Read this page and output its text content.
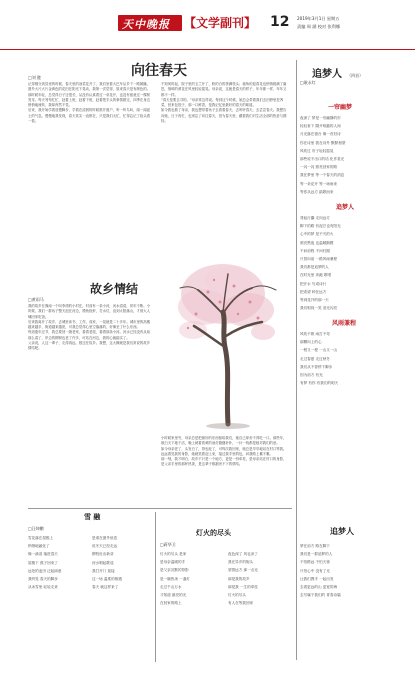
天中晚报 【文学副刊】 12 2019年3月1日 星期五
责编 周 涵 校对 张利娜
向往春天
□刘 懿
记得刚分到县里的时候，春天里的油菜花开了，我们坐着大巴车从乡下一路颠簸，窗外大片大片金黄色的花田在阳光下晃动，我第一次觉得，原来春天是有颜色的。
那时候年轻，总觉得日子还很长，从没有认真看过一朵花开，也没有留意过一棵树发芽。每天匆匆忙忙，赶着上班，赶着下班，赶着把手头的事情做完，四季在身边悄悄地流转，我却浑然不觉。
后来，我开始学着放慢脚步，学着在清晨的时候推开窗户，听一听鸟叫，闻一闻泥土的气息。慢慢地我发现，春天其实一直都在，只是我们太忙，忙得忘记了抬头看一看。
不知何时起，院子里的玉兰开了，粉的白的挤满枝头；墙角的迎春花也悄悄爬满了篱笆，细碎的黄花在风里轻轻摇晃。母亲说，这就是春天的样子，年年都一样，年年又都不一样。
“春天是要去寻的。”母亲常这样说。每到这个时候，她总会带着我们去田野里挖荠菜，回来包饺子，那一口鲜香，是我记忆里最好的春天的味道。
如今我也做了母亲，我也想带着孩子去看看春天，去听听春天，去尝尝春天。我想告诉她，日子再忙，也别忘了向往春天，因为春天里，藏着我们对生活全部的热爱与期待。
故乡情结
□黄雨马
我的故乡在豫南一个叫李湾的小村庄，村前有一条小河，河水清清，常年不断。小时候，我们一群孩子整天泡在河边，摸鱼捉虾，打水仗，直到太阳落山，才被大人喊回家吃饭。
后来我离开了故乡，去城里读书、工作、成家，一晃就是二十多年。城市里的高楼越来越多，街道越来越宽，可我总觉得心里空落落的，好像丢了什么东西。
每到逢年过节，我总要回一趟老家，看看老屋，看看那条小河。河水已经没有从前那么清了，岸边的柳树也老了许多，可站在河边，我的心就踏实了。
父亲说，人这一辈子，走得再远，根还在故乡。我想，这大概就是我们常说的故乡情结吧。
小时候家里穷，母亲总是把最好的东西留给我们，她自己却舍不得吃一口。那些年，她白天下地干活，晚上就着昏黄的油灯缝缝补补，一针一线都是她对我们的爱。
如今母亲老了，头发白了，背也驼了，可每次我回家，她总是早早地站在村口等我。远远看见我的身影，她就笑着迎上来，接过我手里的包，问我路上累不累。
那一刻，我才明白，故乡不只是一个地方，更是一份牵挂，是母亲站在村口的身影，是父亲手里的那杯热茶，是这辈子都割舍不下的情结。
追梦人 （四首）
□耿永红
一帘幽梦
夜深了 梦是一帘幽静的帘
轻轻垂下 隔开喧嚣的人间
月光落在窗台 像一首旧诗
你在诗里 我在诗外 默默相望
风吹过 帘子轻轻摇晃
那些说不出口的话 化作星光
一闪一闪 照亮回家的路
我在梦里 等一个春天的消息
等一朵花开 等一场雨来
等你从远方 踏歌而来
追梦人
背起行囊 走向远方
脚下的路 有泥泞也有阳光
心中的梦 是不灭的火
照亮黑夜 也温暖胸膛
不问前程 不问归期
只管向前 一路风雨兼程
我们都是追梦的人
在时光里 奔跑 歌唱
把汗水 写成诗行
把希望 种在远方
等到花开的那一天
我们相视一笑 泪光闪亮
风雨兼程
风吹不散 雨打不弯
那颗向上的心
一程又一程 一山又一山
走过春夏 走过秋冬
我们从不曾停下脚步
因为前方 有光
有梦 有你 有我们的明天
追梦人
梦在前方 路在脚下
我们是一群追梦的人
不怕路远 不怕天寒
只怕心中 没有了光
让我们携手 一起出发
去看更远的山 更宽的海
去写属于我们的 青春诗篇
雪 融
□汪坤鹏
雪花落在屋檐上
悄悄地融化了
像一滴泪 落进春天
屋檐下 燕子回来了
远处的麦田 泛起绿意
我听见 春天的脚步
从冰雪里 轻轻走来
是谁在窗外低语
说冬天已经走远
柳枝吐出新芽
河水唱起歌谣
我打开门 迎接
这一场 温柔的相遇
春天 就这样来了
灯火的尽头
□蒋华卫
灯火的尽头 是家
是母亲温暖的手
是父亲沉默的背影
是一碗热汤 一盏灯
走过千山万水
才知道 最亮的光
在回家的路上
夜色深了 风也凉了
我在异乡的街头
望着远方 那一点光
那是我的故乡
那是我 一生的牵挂
灯火的尽头
有人在等我回家
